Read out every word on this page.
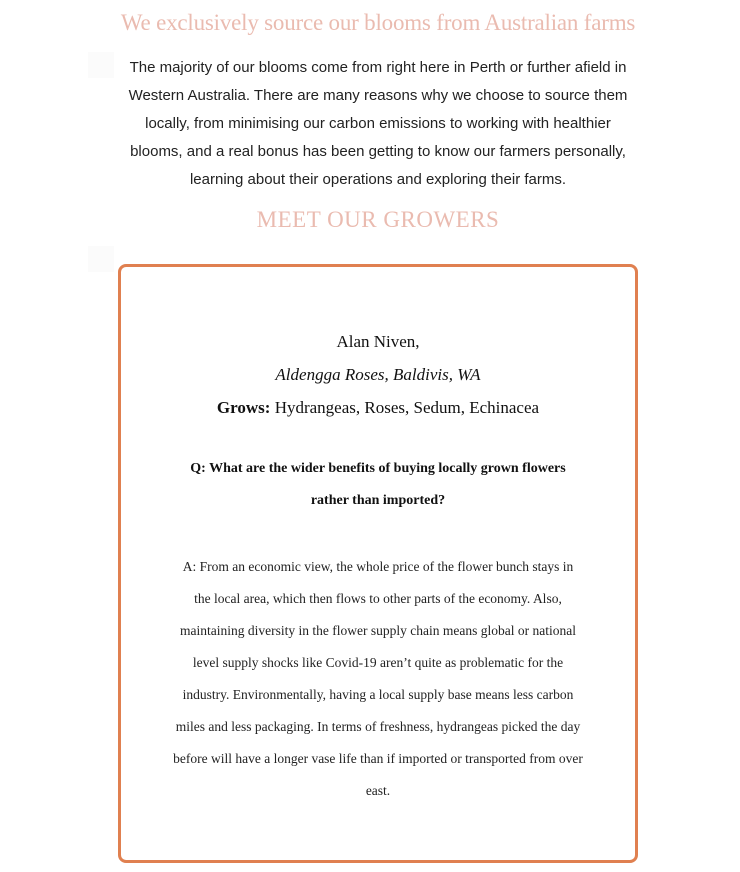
We exclusively source our blooms from Australian farms
The majority of our blooms come from right here in Perth or further afield in Western Australia. There are many reasons why we choose to source them locally, from minimising our carbon emissions to working with healthier blooms, and a real bonus has been getting to know our farmers personally, learning about their operations and exploring their farms.
MEET OUR GROWERS
Alan Niven,
Aldengga Roses, Baldivis, WA
Grows: Hydrangeas, Roses, Sedum, Echinacea
Q: What are the wider benefits of buying locally grown flowers rather than imported?
A: From an economic view, the whole price of the flower bunch stays in the local area, which then flows to other parts of the economy. Also, maintaining diversity in the flower supply chain means global or national level supply shocks like Covid-19 aren’t quite as problematic for the industry. Environmentally, having a local supply base means less carbon miles and less packaging. In terms of freshness, hydrangeas picked the day before will have a longer vase life than if imported or transported from over east.
